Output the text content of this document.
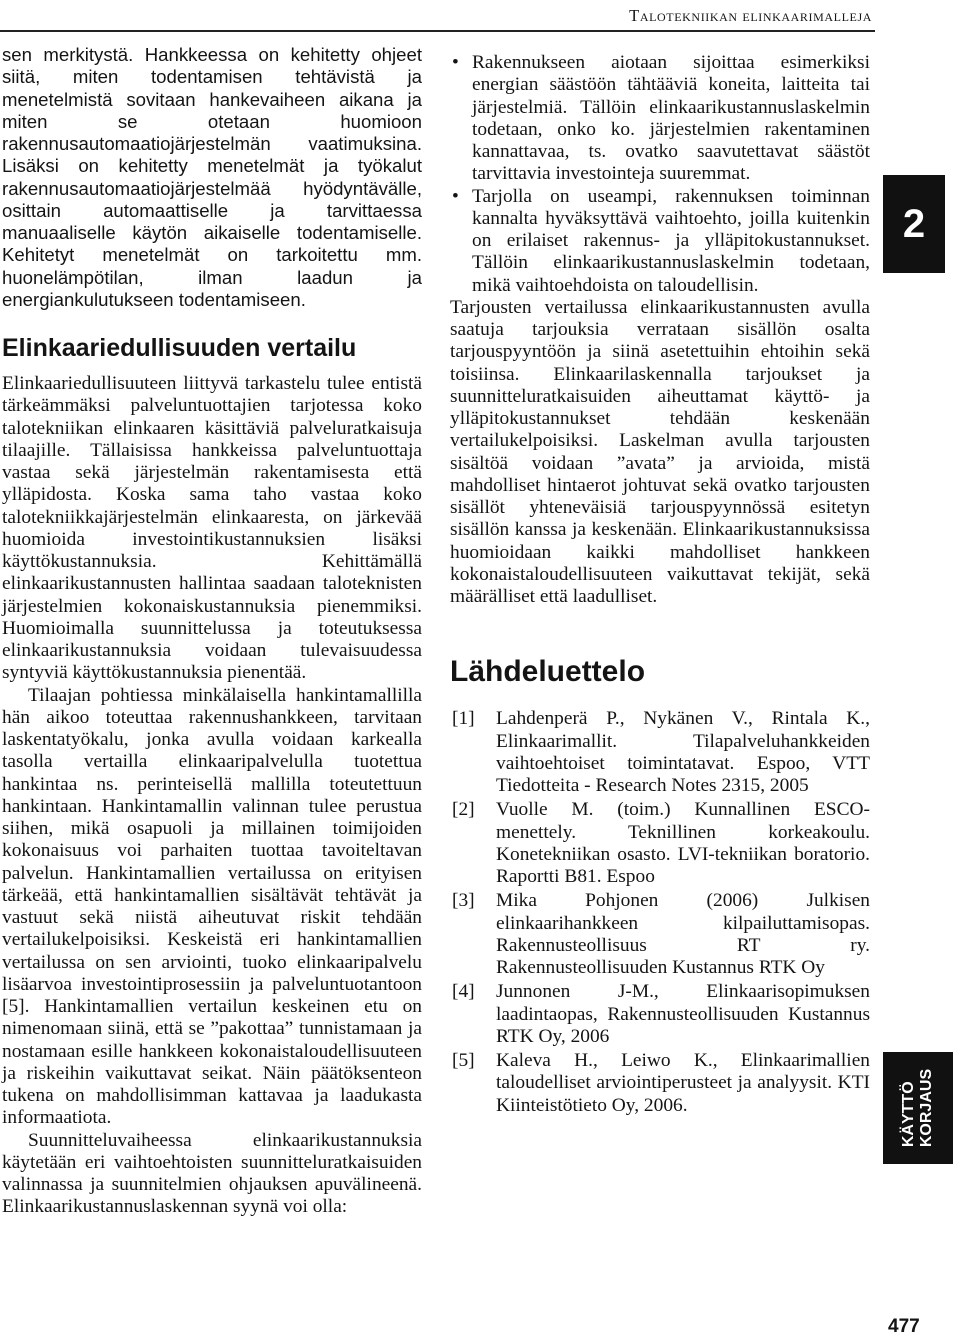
Talotekniikan elinkaarimalleja

sen merkitystä. Hankkeessa on kehitetty ohjeet siitä, miten todentamisen tehtävistä ja menetelmistä sovitaan hankevaiheen aikana ja miten se otetaan huomioon rakennusautomaatiojärjestelmän vaatimuksina. Lisäksi on kehitetty menetelmät ja työkalut rakennusautomaatiojärjestelmää hyödyntävälle, osittain automaattiselle ja tarvittaessa manuaaliselle käytön aikaiselle todentamiselle. Kehitetyt menetelmät on tarkoitettu mm. huonelämpötilan, ilman laadun ja energiankulutukseen todentamiseen.

Elinkaariedullisuuden vertailu

Elinkaariedullisuuteen liittyvä tarkastelu tulee entistä tärkeämmäksi palveluntuottajien tarjotessa koko talotekniikan elinkaaren käsittäviä palveluratkaisuja tilaajille. Tällaisissa hankkeissa palveluntuottaja vastaa sekä järjestelmän rakentamisesta että ylläpidosta. Koska sama taho vastaa koko talotekniikkajärjestelmän elinkaaresta, on järkevää huomioida investointikustannuksien lisäksi käyttökustannuksia. Kehittämällä elinkaarikustannusten hallintaa saadaan taloteknisten järjestelmien kokonaiskustannuksia pienemmiksi. Huomioimalla suunnittelussa ja toteutuksessa elinkaarikustannuksia voidaan tulevaisuudessa syntyviä käyttökustannuksia pienentää.

Tilaajan pohtiessa minkälaisella hankintamallilla hän aikoo toteuttaa rakennushankkeen, tarvitaan laskentatyökalu, jonka avulla voidaan karkealla tasolla vertailla elinkaaripalvelulla tuotettua hankintaa ns. perinteisellä mallilla toteutettuun hankintaan. Hankintamallin valinnan tulee perustua siihen, mikä osapuoli ja millainen toimijoiden kokonaisuus voi parhaiten tuottaa tavoiteltavan palvelun. Hankintamallien vertailussa on erityisen tärkeää, että hankintamallien sisältävät tehtävät ja vastuut sekä niistä aiheutuvat riskit tehdään vertailukelpoisiksi. Keskeistä eri hankintamallien vertailussa on sen arviointi, tuoko elinkaaripalvelu lisäarvoa investointiprosessiin ja palveluntuotantoon [5]. Hankintamallien vertailun keskeinen etu on nimenomaan siinä, että se ”pakottaa” tunnistamaan ja nostamaan esille hankkeen kokonaistaloudellisuuteen ja riskeihin vaikuttavat seikat. Näin päätöksenteon tukena on mahdollisimman kattavaa ja laadukasta informaatiota.

Suunnitteluvaiheessa elinkaarikustannuksia käytetään eri vaihtoehtoisten suunnitteluratkaisuiden valinnassa ja suunnitelmien ohjauksen apuvälineenä. Elinkaarikustannuslaskennan syynä voi olla:

• Rakennukseen aiotaan sijoittaa esimerkiksi energian säästöön tähtääviä koneita, laitteita tai järjestelmiä. Tällöin elinkaarikustannuslaskelmin todetaan, onko ko. järjestelmien rakentaminen kannattavaa, ts. ovatko saavutettavat säästöt tarvittavia investointeja suuremmat.
• Tarjolla on useampi, rakennuksen toiminnan kannalta hyväksyttävä vaihtoehto, joilla kuitenkin on erilaiset rakennus- ja ylläpitokustannukset. Tällöin elinkaarikustannuslaskelmin todetaan, mikä vaihtoehdoista on taloudellisin.

Tarjousten vertailussa elinkaarikustannusten avulla saatuja tarjouksia verrataan sisällön osalta tarjouspyyntöön ja siinä asetettuihin ehtoihin sekä toisiinsa. Elinkaarilaskennalla tarjoukset ja suunnitteluratkaisuiden aiheuttamat käyttö- ja ylläpitokustannukset tehdään keskenään vertailukelpoisiksi. Laskelman avulla tarjousten sisältöä voidaan ”avata” ja arvioida, mistä mahdolliset hintaerot johtuvat sekä ovatko tarjousten sisällöt yhteneväisiä tarjouspyynnössä esitetyn sisällön kanssa ja keskenään. Elinkaarikustannuksissa huomioidaan kaikki mahdolliset hankkeen kokonaistaloudellisuuteen vaikuttavat tekijät, sekä määrälliset että laadulliset.

Lähdeluettelo
[1] Lahdenperä P., Nykänen V., Rintala K., Elinkaarimallit. Tilapalveluhankkeiden vaihtoehtoiset toimintatavat. Espoo, VTT Tiedotteita - Research Notes 2315, 2005
[2] Vuolle M. (toim.) Kunnallinen ESCO-menettely. Teknillinen korkeakoulu. Konetekniikan osasto. LVI-tekniikan boratorio. Raportti B81. Espoo
[3] Mika Pohjonen (2006) Julkisen elinkaarihankkeen kilpailuttamisopas. Rakennusteollisuus RT ry. Rakennusteollisuuden Kustannus RTK Oy
[4] Junnonen J-M., Elinkaarisopimuksen laadintaopas, Rakennusteollisuuden Kustannus RTK Oy, 2006
[5] Kaleva H., Leiwo K., Elinkaarimallien taloudelliset arviointiperusteet ja analyysit. KTI Kiinteistötieto Oy, 2006.
2
KÄYTTÖ KORJAUS
477
